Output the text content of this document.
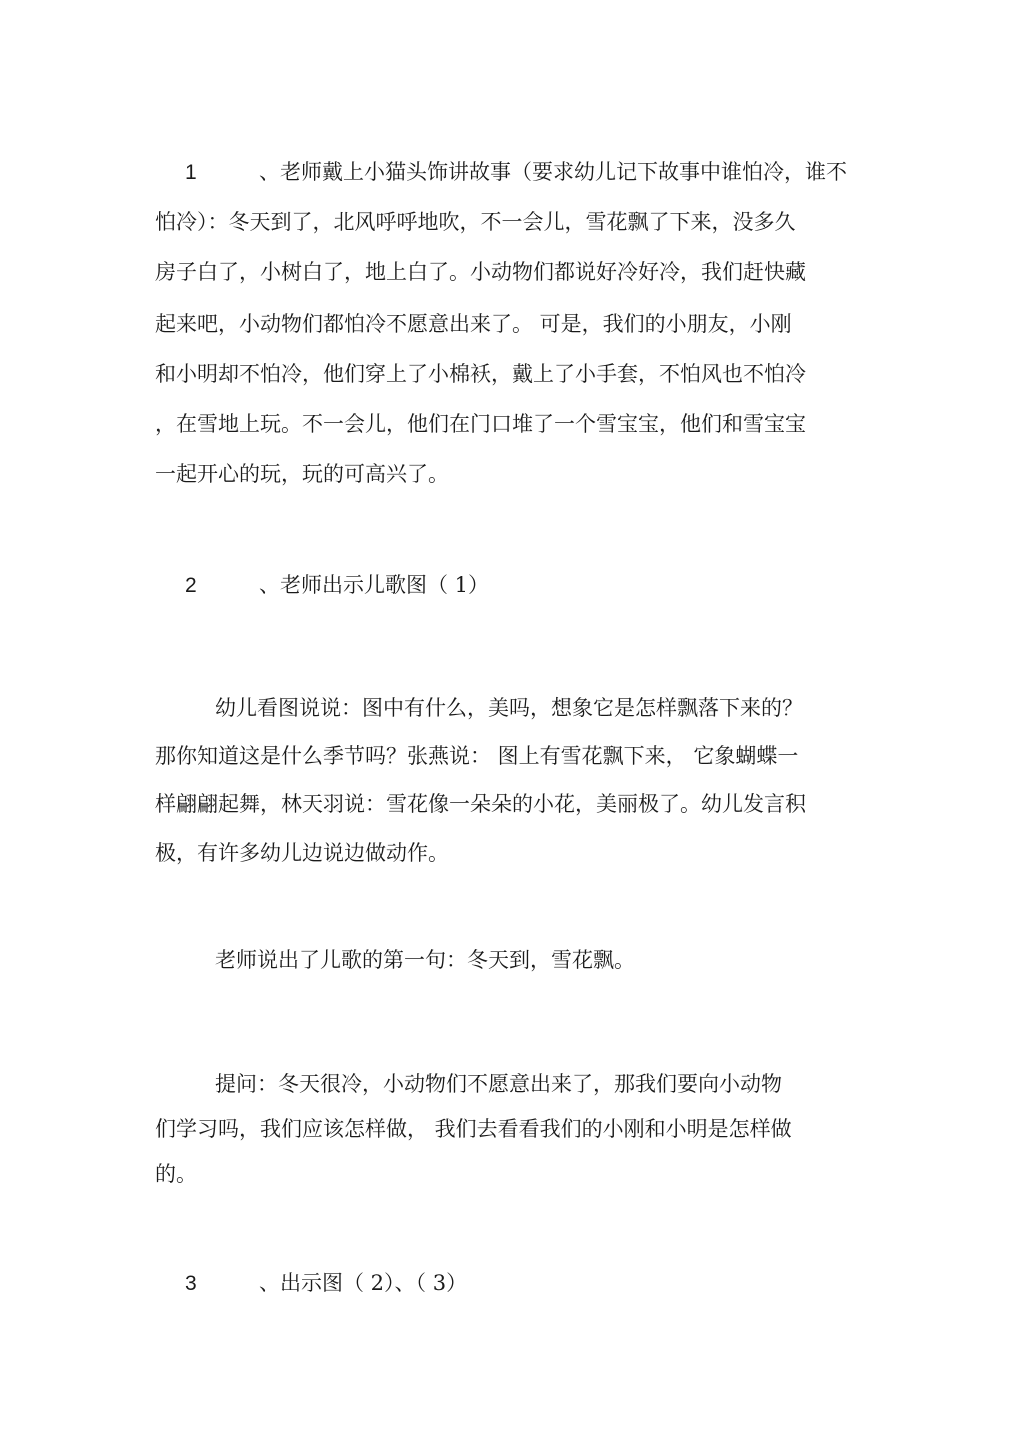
1	、老师戴上小猫头饰讲故事（要求幼儿记下故事中谁怕冷，谁不
怕冷）：冬天到了，北风呼呼地吹，不一会儿，雪花飘了下来，没多久
房子白了，小树白了，地上白了。小动物们都说好冷好冷，我们赶快藏
起来吧，小动物们都怕冷不愿意出来了。 可是，我们的小朋友，小刚
和小明却不怕冷，他们穿上了小棉袄，戴上了小手套，不怕风也不怕冷
，在雪地上玩。不一会儿，他们在门口堆了一个雪宝宝，他们和雪宝宝
一起开心的玩，玩的可高兴了。
2	、老师出示儿歌图（ 1）
幼儿看图说说：图中有什么，美吗，想象它是怎样飘落下来的？
那你知道这是什么季节吗？张燕说： 图上有雪花飘下来， 它象蝴蝶一
样翩翩起舞，林天羽说：雪花像一朵朵的小花，美丽极了。幼儿发言积
极，有许多幼儿边说边做动作。
老师说出了儿歌的第一句：冬天到，雪花飘。
提问：冬天很冷，小动物们不愿意出来了，那我们要向小动物
们学习吗，我们应该怎样做， 我们去看看我们的小刚和小明是怎样做
的。
3	、出示图（ 2）、（ 3）
